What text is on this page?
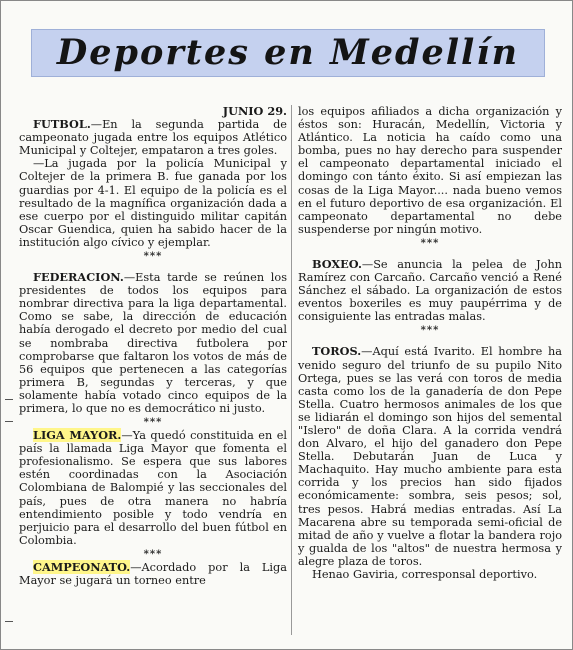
Deportes en Medellín

JUNIO 29.

FUTBOL.—En la segunda partida de campeonato jugada entre los equipos Atlético Municipal y Coltejer, empataron a tres goles.

—La jugada por la policía Municipal y Coltejer de la primera B. fue ganada por los guardias por 4-1. El equipo de la policía es el resultado de la magnífica organización dada a ese cuerpo por el distinguido militar capitán Oscar Guendica, quien ha sabido hacer de la institución algo cívico y ejemplar.

***

FEDERACION.—Esta tarde se reúnen los presidentes de todos los equipos para nombrar directiva para la liga departamental. Como se sabe, la dirección de educación había derogado el decreto por medio del cual se nombraba directiva futbolera por comprobarse que faltaron los votos de más de 56 equipos que pertenecen a las categorías primera B, segundas y terceras, y que solamente había votado cinco equipos de la primera, lo que no es democrático ni justo.

***

LIGA MAYOR.—Ya quedó constituida en el país la llamada Liga Mayor que fomenta el profesionalismo. Se espera que sus labores estén coordinadas con la Asociación Colombiana de Balompié y las seccionales del país, pues de otra manera no habría entendimiento posible y todo vendría en perjuicio para el desarrollo del buen fútbol en Colombia.

***

CAMPEONATO.—Acordado por la Liga Mayor se jugará un torneo entre

los equipos afiliados a dicha organización y éstos son: Huracán, Medellín, Victoria y Atlántico. La noticia ha caído como una bomba, pues no hay derecho para suspender el campeonato departamental iniciado el domingo con tánto éxito. Si así empiezan las cosas de la Liga Mayor.... nada bueno vemos en el futuro deportivo de esa organización. El campeonato departamental no debe suspenderse por ningún motivo.

***

BOXEO.—Se anuncia la pelea de John Ramírez con Carcaño. Carcaño venció a René Sánchez el sábado. La organización de estos eventos boxeriles es muy paupérrima y de consiguiente las entradas malas.

***

TOROS.—Aquí está Ivarito. El hombre ha venido seguro del triunfo de su pupilo Nito Ortega, pues se las verá con toros de media casta como los de la ganadería de don Pepe Stella. Cuatro hermosos animales de los que se lidiarán el domingo son hijos del semental "Islero" de doña Clara. A la corrida vendrá don Alvaro, el hijo del ganadero don Pepe Stella. Debutarán Juan de Luca y Machaquito. Hay mucho ambiente para esta corrida y los precios han sido fijados económicamente: sombra, seis pesos; sol, tres pesos. Habrá medias entradas. Así La Macarena abre su temporada semi-oficial de mitad de año y vuelve a flotar la bandera rojo y gualda de los "altos" de nuestra hermosa y alegre plaza de toros.

Henao Gaviria, corresponsal deportivo.
